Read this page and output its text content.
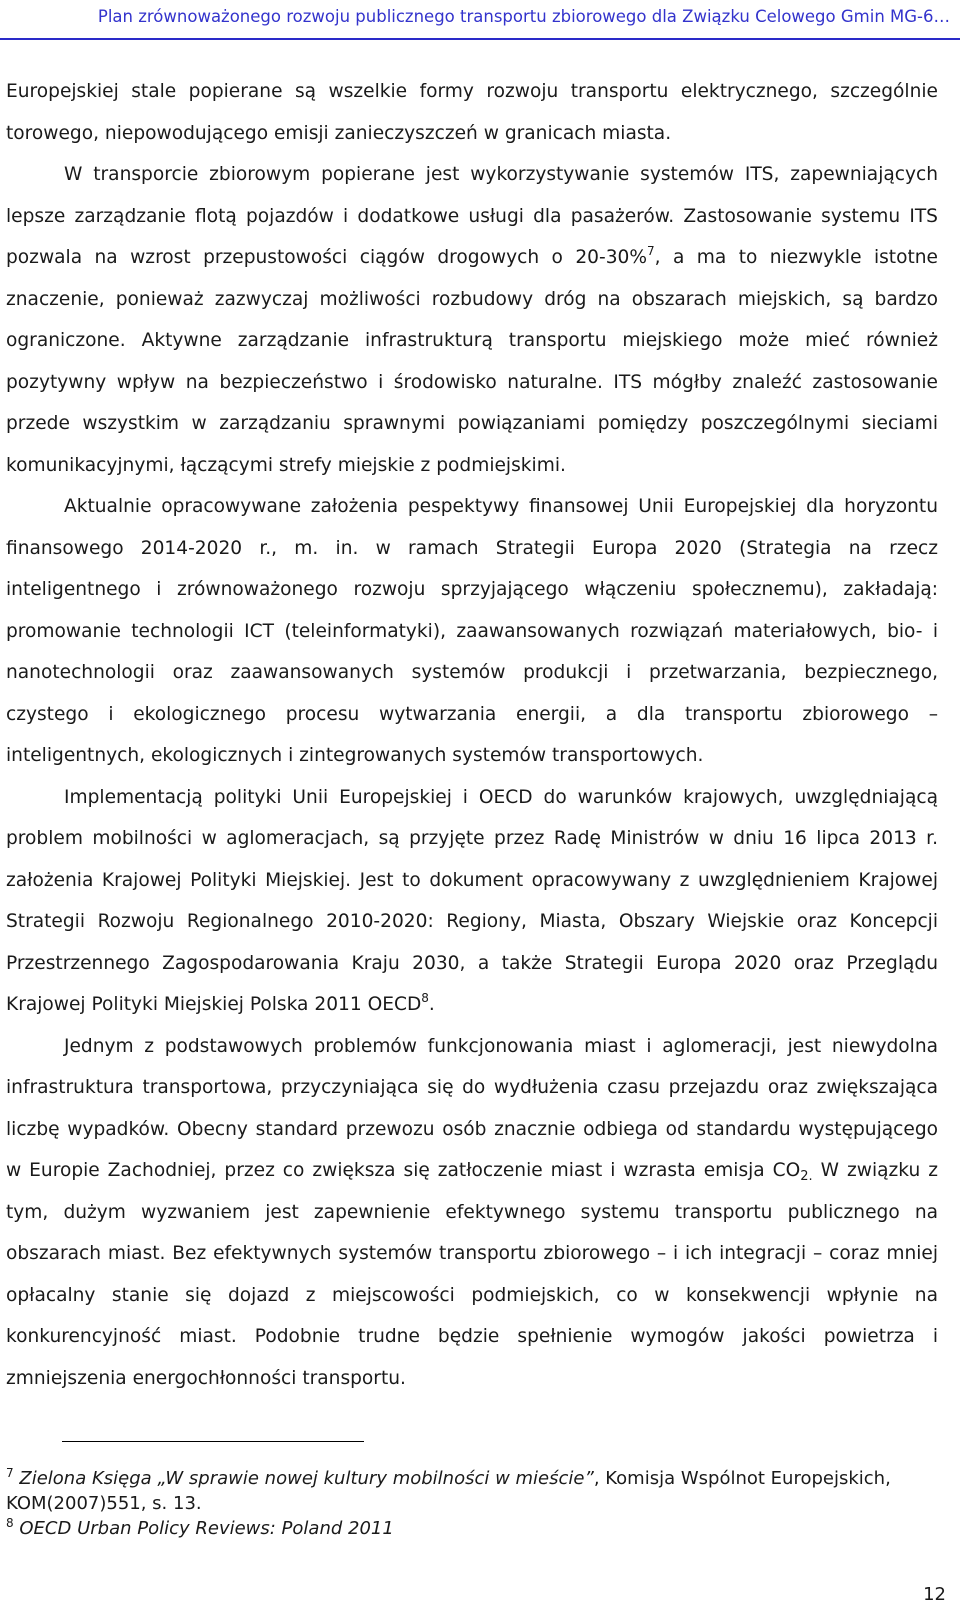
Plan zrównoważonego rozwoju publicznego transportu zbiorowego dla Związku Celowego Gmin MG-6…

Europejskiej stale popierane są wszelkie formy rozwoju transportu elektrycznego, szczególnie torowego, niepowodującego emisji zanieczyszczeń w granicach miasta.

W transporcie zbiorowym popierane jest wykorzystywanie systemów ITS, zapewniających lepsze zarządzanie flotą pojazdów i dodatkowe usługi dla pasażerów. Zastosowanie systemu ITS pozwala na wzrost przepustowości ciągów drogowych o 20-30%$^7$, a ma to niezwykle istotne znaczenie, ponieważ zazwyczaj możliwości rozbudowy dróg na obszarach miejskich, są bardzo ograniczone. Aktywne zarządzanie infrastrukturą transportu miejskiego może mieć również pozytywny wpływ na bezpieczeństwo i środowisko naturalne. ITS mógłby znaleźć zastosowanie przede wszystkim w zarządzaniu sprawnymi powiązaniami pomiędzy poszczególnymi sieciami komunikacyjnymi, łączącymi strefy miejskie z podmiejskimi.

Aktualnie opracowywane założenia pespektywy finansowej Unii Europejskiej dla horyzontu finansowego 2014-2020 r., m. in. w ramach Strategii Europa 2020 (Strategia na rzecz inteligentnego i zrównoważonego rozwoju sprzyjającego włączeniu społecznemu), zakładają: promowanie technologii ICT (teleinformatyki), zaawansowanych rozwiązań materiałowych, bio- i nanotechnologii oraz zaawansowanych systemów produkcji i przetwarzania, bezpiecznego, czystego i ekologicznego procesu wytwarzania energii, a dla transportu zbiorowego – inteligentnych, ekologicznych i zintegrowanych systemów transportowych.

Implementacją polityki Unii Europejskiej i OECD do warunków krajowych, uwzględniającą problem mobilności w aglomeracjach, są przyjęte przez Radę Ministrów w dniu 16 lipca 2013 r. założenia Krajowej Polityki Miejskiej. Jest to dokument opracowywany z uwzględnieniem Krajowej Strategii Rozwoju Regionalnego 2010-2020: Regiony, Miasta, Obszary Wiejskie oraz Koncepcji Przestrzennego Zagospodarowania Kraju 2030, a także Strategii Europa 2020 oraz Przeglądu Krajowej Polityki Miejskiej Polska 2011 OECD$^8$.

Jednym z podstawowych problemów funkcjonowania miast i aglomeracji, jest niewydolna infrastruktura transportowa, przyczyniająca się do wydłużenia czasu przejazdu oraz zwiększająca liczbę wypadków. Obecny standard przewozu osób znacznie odbiega od standardu występującego w Europie Zachodniej, przez co zwiększa się zatłoczenie miast i wzrasta emisja $CO_{2.}$ W związku z tym, dużym wyzwaniem jest zapewnienie efektywnego systemu transportu publicznego na obszarach miast. Bez efektywnych systemów transportu zbiorowego – i ich integracji – coraz mniej opłacalny stanie się dojazd z miejscowości podmiejskich, co w konsekwencji wpłynie na konkurencyjność miast. Podobnie trudne będzie spełnienie wymogów jakości powietrza i zmniejszenia energochłonności transportu.

$^7$ Zielona Księga „W sprawie nowej kultury mobilności w mieście”, Komisja Wspólnot Europejskich, KOM(2007)551, s. 13.

$^8$ OECD Urban Policy Reviews: Poland 2011

12
